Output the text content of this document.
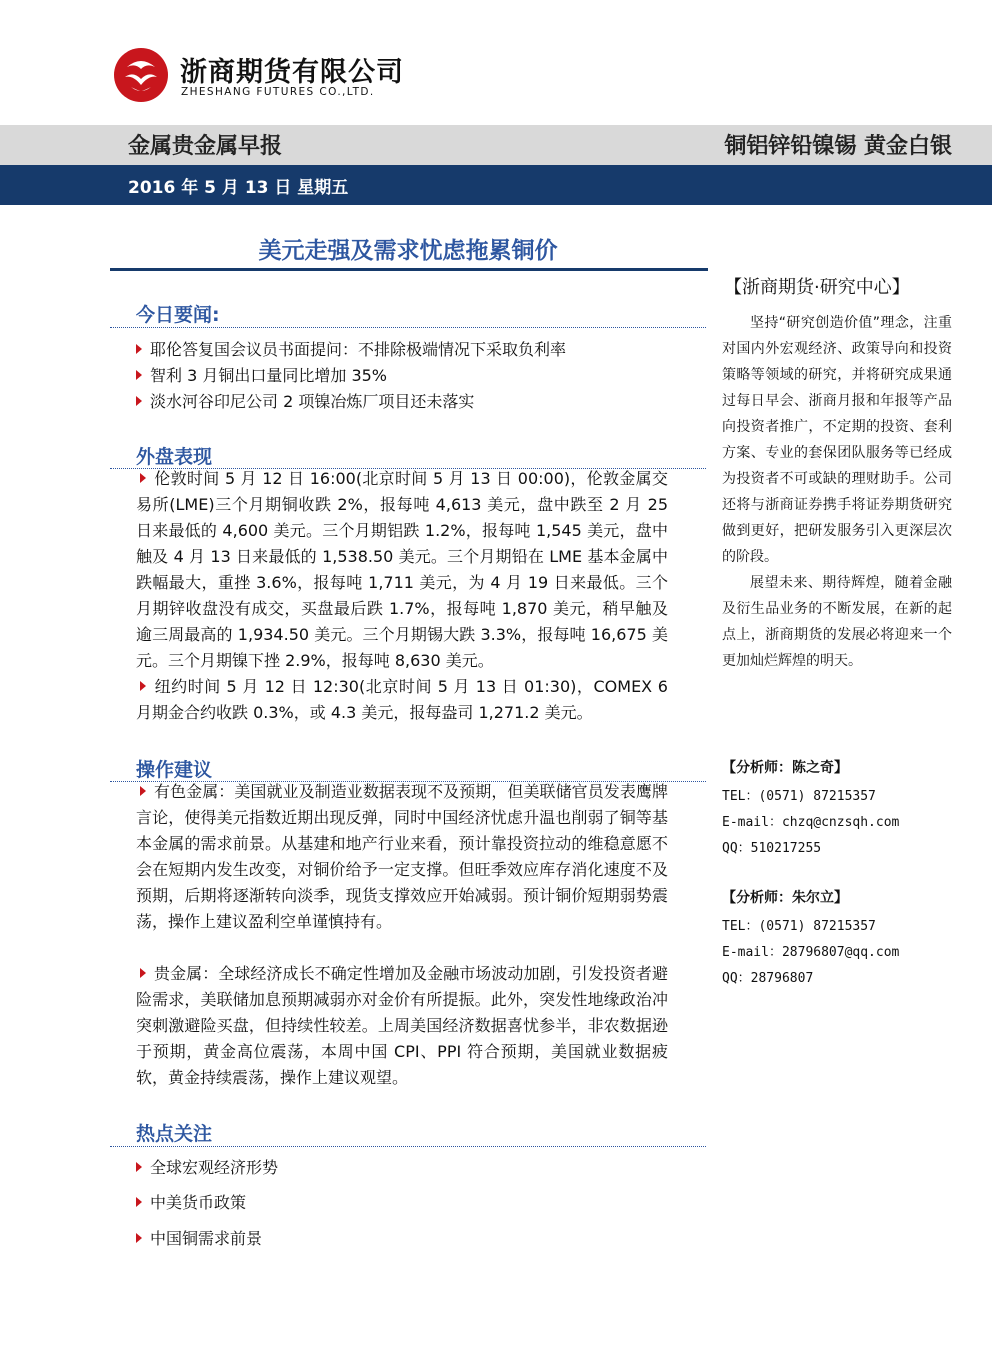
浙商期货有限公司
ZHESHANG FUTURES CO.,LTD.
金属贵金属早报	铜铝锌铅镍锡 黄金白银
2016 年 5 月 13 日 星期五
美元走强及需求忧虑拖累铜价
【浙商期货·研究中心】
坚持“研究创造价值”理念，注重对国内外宏观经济、政策导向和投资策略等领域的研究，并将研究成果通过每日早会、浙商月报和年报等产品向投资者推广，不定期的投资、套利方案、专业的套保团队服务等已经成为投资者不可或缺的理财助手。公司还将与浙商证券携手将证券期货研究做到更好，把研发服务引入更深层次的阶段。
展望未来、期待辉煌，随着金融及衍生品业务的不断发展，在新的起点上，浙商期货的发展必将迎来一个更加灿烂辉煌的明天。
【分析师：陈之奇】
TEL：(0571) 87215357
E-mail：chzq@cnzsqh.com
QQ：510217255
【分析师：朱尔立】
TEL：(0571) 87215357
E-mail：28796807@qq.com
QQ：28796807
今日要闻:
耶伦答复国会议员书面提问：不排除极端情况下采取负利率
智利 3 月铜出口量同比增加 35%
淡水河谷印尼公司 2 项镍冶炼厂项目还未落实
外盘表现
伦敦时间 5 月 12 日 16:00(北京时间 5 月 13 日 00:00)，伦敦金属交易所(LME)三个月期铜收跌 2%，报每吨 4,613 美元，盘中跌至 2 月 25 日来最低的 4,600 美元。三个月期铝跌 1.2%，报每吨 1,545 美元，盘中触及 4 月 13 日来最低的 1,538.50 美元。三个月期铅在 LME 基本金属中跌幅最大，重挫 3.6%，报每吨 1,711 美元，为 4 月 19 日来最低。三个月期锌收盘没有成交，买盘最后跌 1.7%，报每吨 1,870 美元，稍早触及逾三周最高的 1,934.50 美元。三个月期锡大跌 3.3%，报每吨 16,675 美元。三个月期镍下挫 2.9%，报每吨 8,630 美元。
纽约时间 5 月 12 日 12:30(北京时间 5 月 13 日 01:30)，COMEX 6 月期金合约收跌 0.3%，或 4.3 美元，报每盎司 1,271.2 美元。
操作建议
有色金属：美国就业及制造业数据表现不及预期，但美联储官员发表鹰牌言论，使得美元指数近期出现反弹，同时中国经济忧虑升温也削弱了铜等基本金属的需求前景。从基建和地产行业来看，预计靠投资拉动的维稳意愿不会在短期内发生改变，对铜价给予一定支撑。但旺季效应库存消化速度不及预期，后期将逐渐转向淡季，现货支撑效应开始减弱。预计铜价短期弱势震荡，操作上建议盈利空单谨慎持有。
贵金属：全球经济成长不确定性增加及金融市场波动加剧，引发投资者避险需求，美联储加息预期减弱亦对金价有所提振。此外，突发性地缘政治冲突刺激避险买盘，但持续性较差。上周美国经济数据喜忧参半，非农数据逊于预期，黄金高位震荡，本周中国 CPI、PPI 符合预期，美国就业数据疲软，黄金持续震荡，操作上建议观望。
热点关注
全球宏观经济形势
中美货币政策
中国铜需求前景
